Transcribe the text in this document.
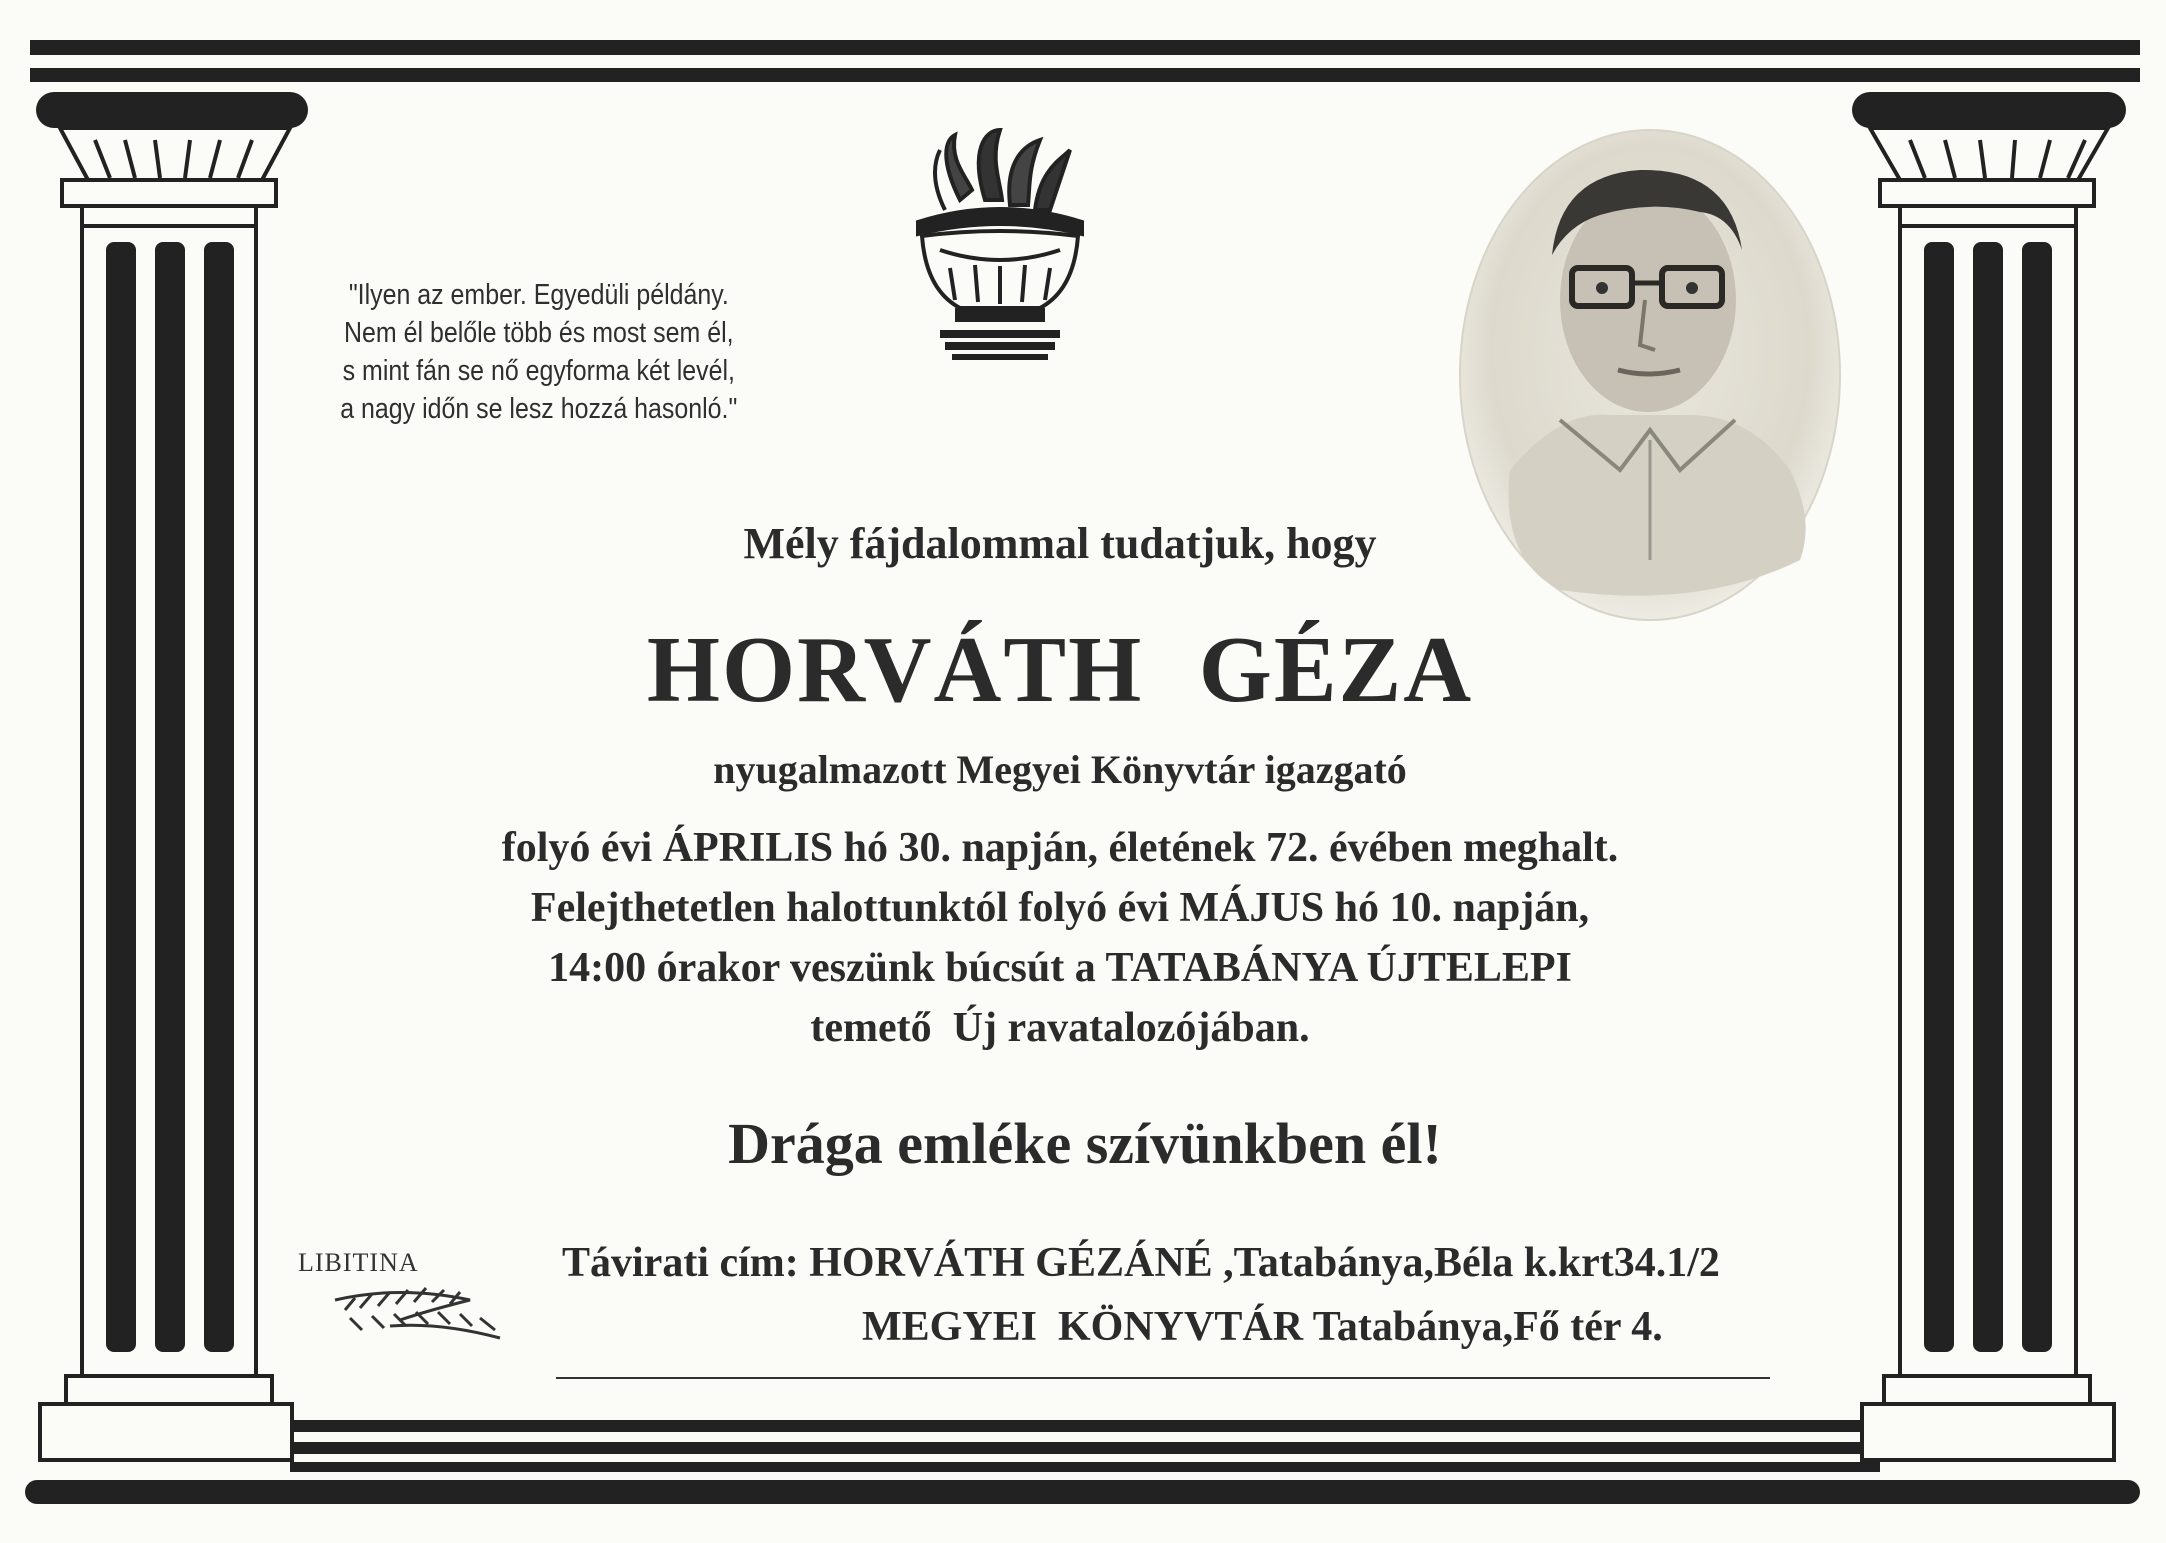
"Ilyen az ember. Egyedüli példány.
Nem él belőle több és most sem él,
s mint fán se nő egyforma két levél,
a nagy időn se lesz hozzá hasonló."
Mély fájdalommal tudatjuk, hogy
HORVÁTH GÉZA
nyugalmazott Megyei Könyvtár igazgató
folyó évi ÁPRILIS hó 30. napján, életének 72. évében meghalt.
Felejthetetlen halottunktól folyó évi MÁJUS hó 10. napján,
14:00 órakor veszünk búcsút a TATABÁNYA ÚJTELEPI
temető  Új ravatalozójában.
Drága emléke szívünkben él!
LIBITINA	Távirati cím: HORVÁTH GÉZÁNÉ ,Tatabánya,Béla k.krt34.1/2
MEGYEI  KÖNYVTÁR Tatabánya,Fő tér 4.
